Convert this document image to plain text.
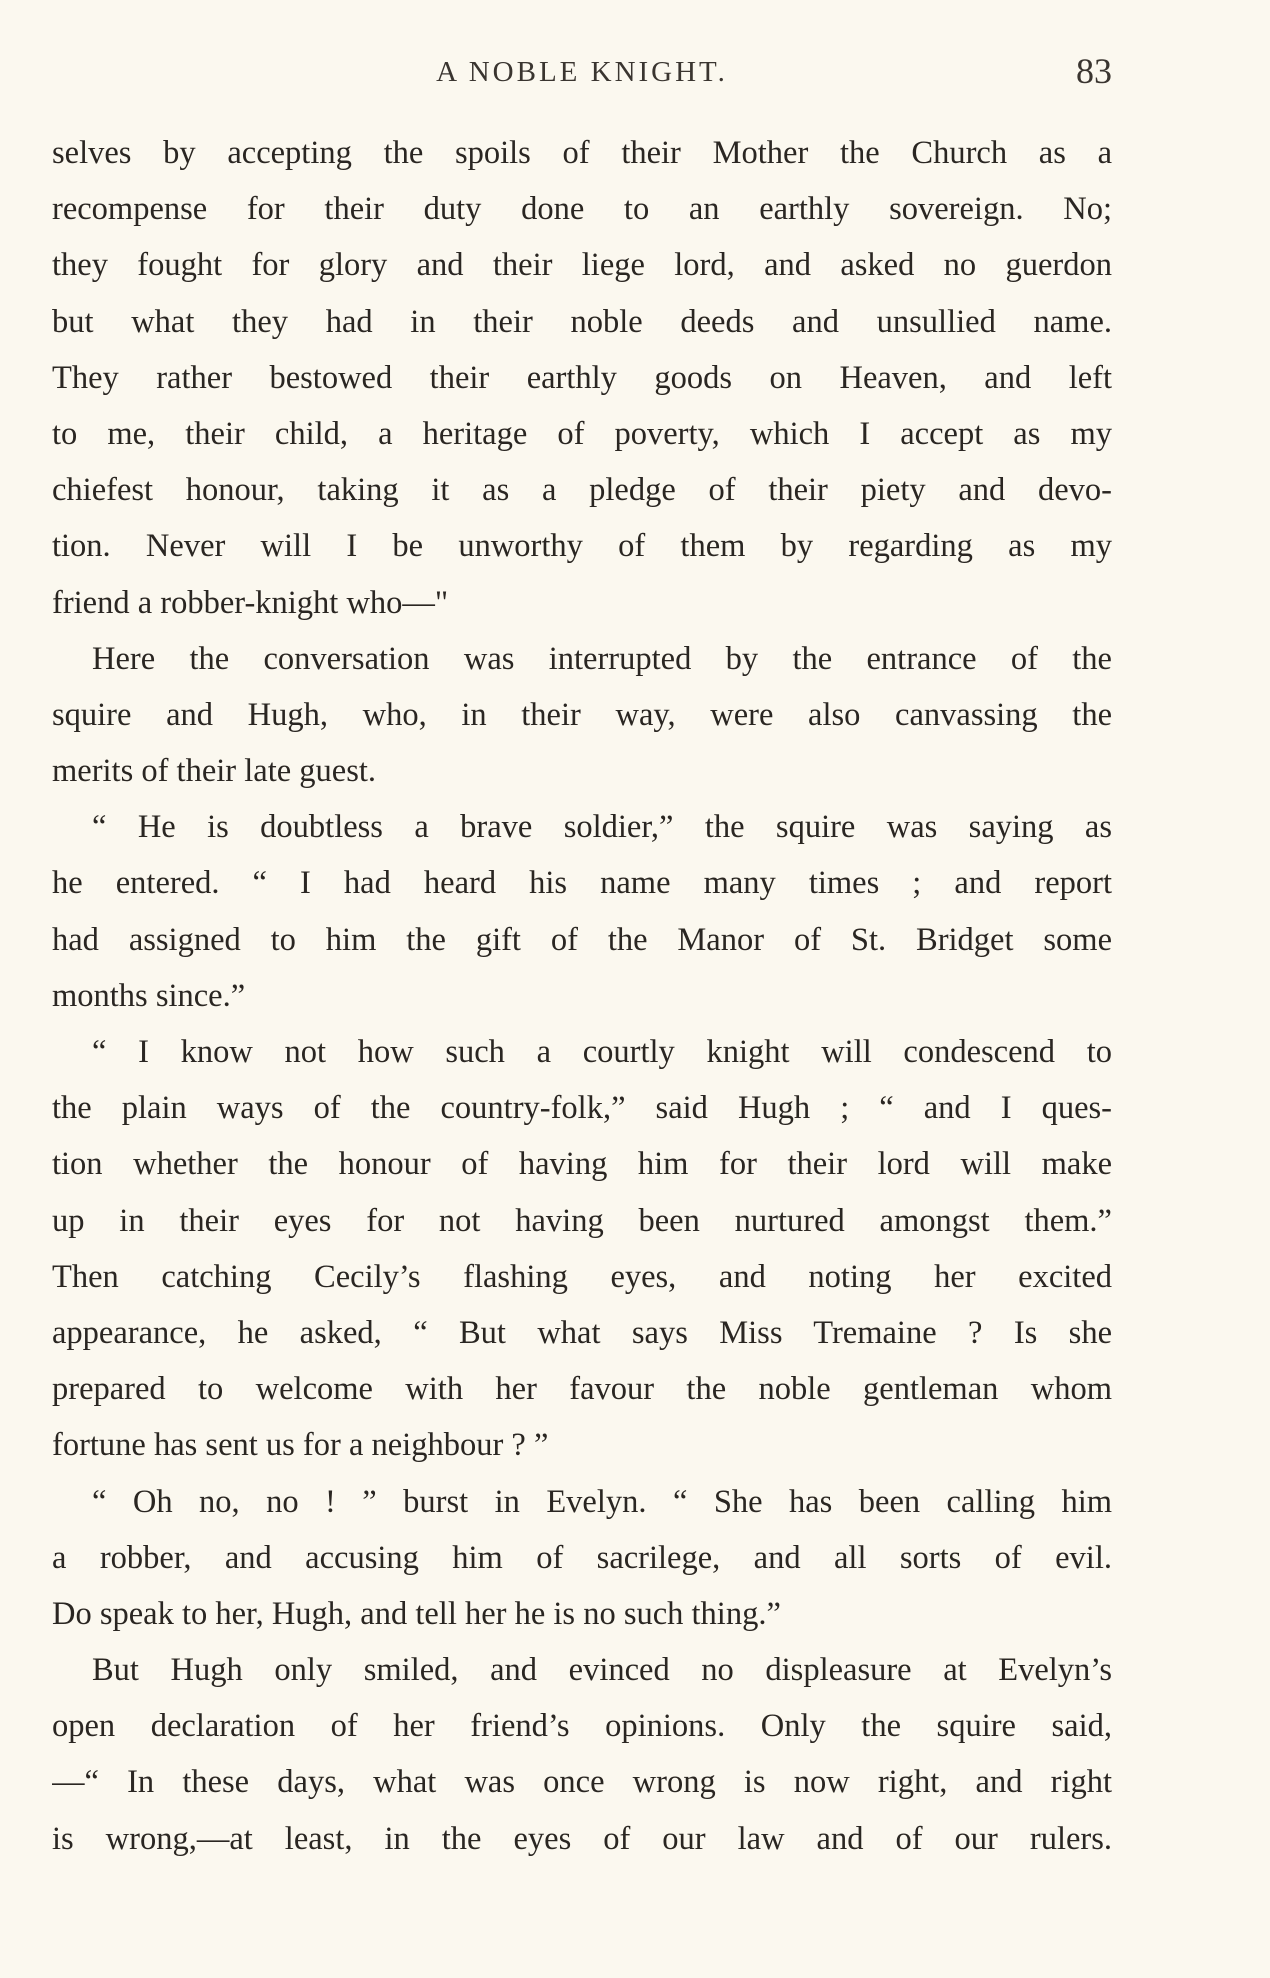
A NOBLE KNIGHT.	83
selves by accepting the spoils of their Mother the Church as a
recompense for their duty done to an earthly sovereign. No;
they fought for glory and their liege lord, and asked no guerdon
but what they had in their noble deeds and unsullied name.
They rather bestowed their earthly goods on Heaven, and left
to me, their child, a heritage of poverty, which I accept as my
chiefest honour, taking it as a pledge of their piety and devo-
tion. Never will I be unworthy of them by regarding as my
friend a robber-knight who—"
Here the conversation was interrupted by the entrance of the
squire and Hugh, who, in their way, were also canvassing the
merits of their late guest.
“ He is doubtless a brave soldier,” the squire was saying as
he entered. “ I had heard his name many times ; and report
had assigned to him the gift of the Manor of St. Bridget some
months since.”
“ I know not how such a courtly knight will condescend to
the plain ways of the country-folk,” said Hugh ; “ and I ques-
tion whether the honour of having him for their lord will make
up in their eyes for not having been nurtured amongst them.”
Then catching Cecily’s flashing eyes, and noting her excited
appearance, he asked, “ But what says Miss Tremaine ? Is she
prepared to welcome with her favour the noble gentleman whom
fortune has sent us for a neighbour ? ”
“ Oh no, no ! ” burst in Evelyn. “ She has been calling him
a robber, and accusing him of sacrilege, and all sorts of evil.
Do speak to her, Hugh, and tell her he is no such thing.”
But Hugh only smiled, and evinced no displeasure at Evelyn’s
open declaration of her friend’s opinions. Only the squire said,
—“ In these days, what was once wrong is now right, and right
is wrong,—at least, in the eyes of our law and of our rulers.
